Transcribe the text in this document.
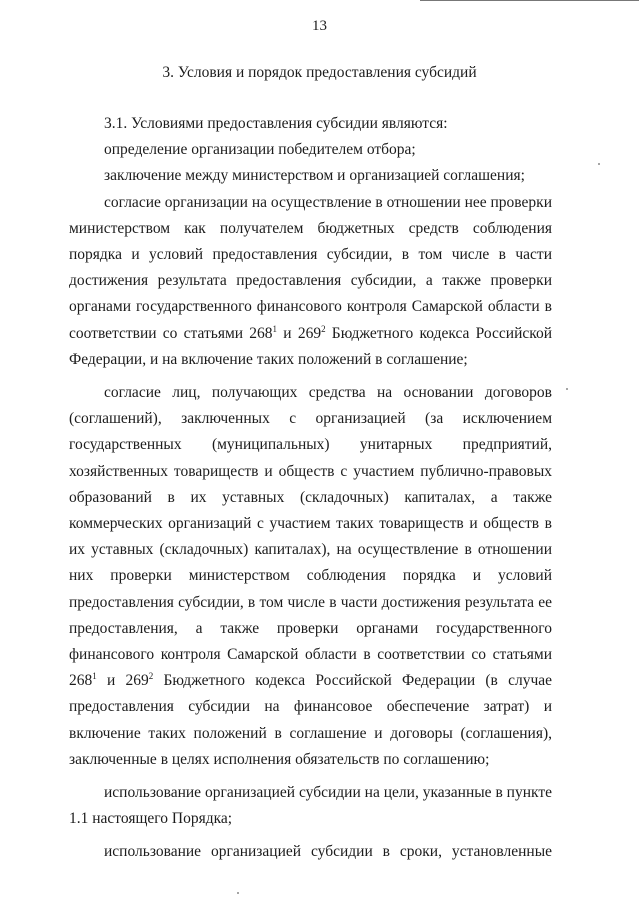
13
3. Условия и порядок предоставления субсидий

3.1. Условиями предоставления субсидии являются:

определение организации победителем отбора;

заключение между министерством и организацией соглашения;

согласие организации на осуществление в отношении нее проверки министерством как получателем бюджетных средств соблюдения порядка и условий предоставления субсидии, в том числе в части достижения результата предоставления субсидии, а также проверки органами государственного финансового контроля Самарской области в соответствии со статьями $268^1$ и $269^2$ Бюджетного кодекса Российской Федерации, и на включение таких положений в соглашение;

согласие лиц, получающих средства на основании договоров (соглашений), заключенных с организацией (за исключением государственных (муниципальных) унитарных предприятий, хозяйственных товариществ и обществ с участием публично-правовых образований в их уставных (складочных) капиталах, а также коммерческих организаций с участием таких товариществ и обществ в их уставных (складочных) капиталах), на осуществление в отношении них проверки министерством соблюдения порядка и условий предоставления субсидии, в том числе в части достижения результата ее предоставления, а также проверки органами государственного финансового контроля Самарской области в соответствии со статьями $268^1$ и $269^2$ Бюджетного кодекса Российской Федерации (в случае предоставления субсидии на финансовое обеспечение затрат) и включение таких положений в соглашение и договоры (соглашения), заключенные в целях исполнения обязательств по соглашению;

использование организацией субсидии на цели, указанные в пункте 1.1 настоящего Порядка;

использование организацией субсидии в сроки, установленные
